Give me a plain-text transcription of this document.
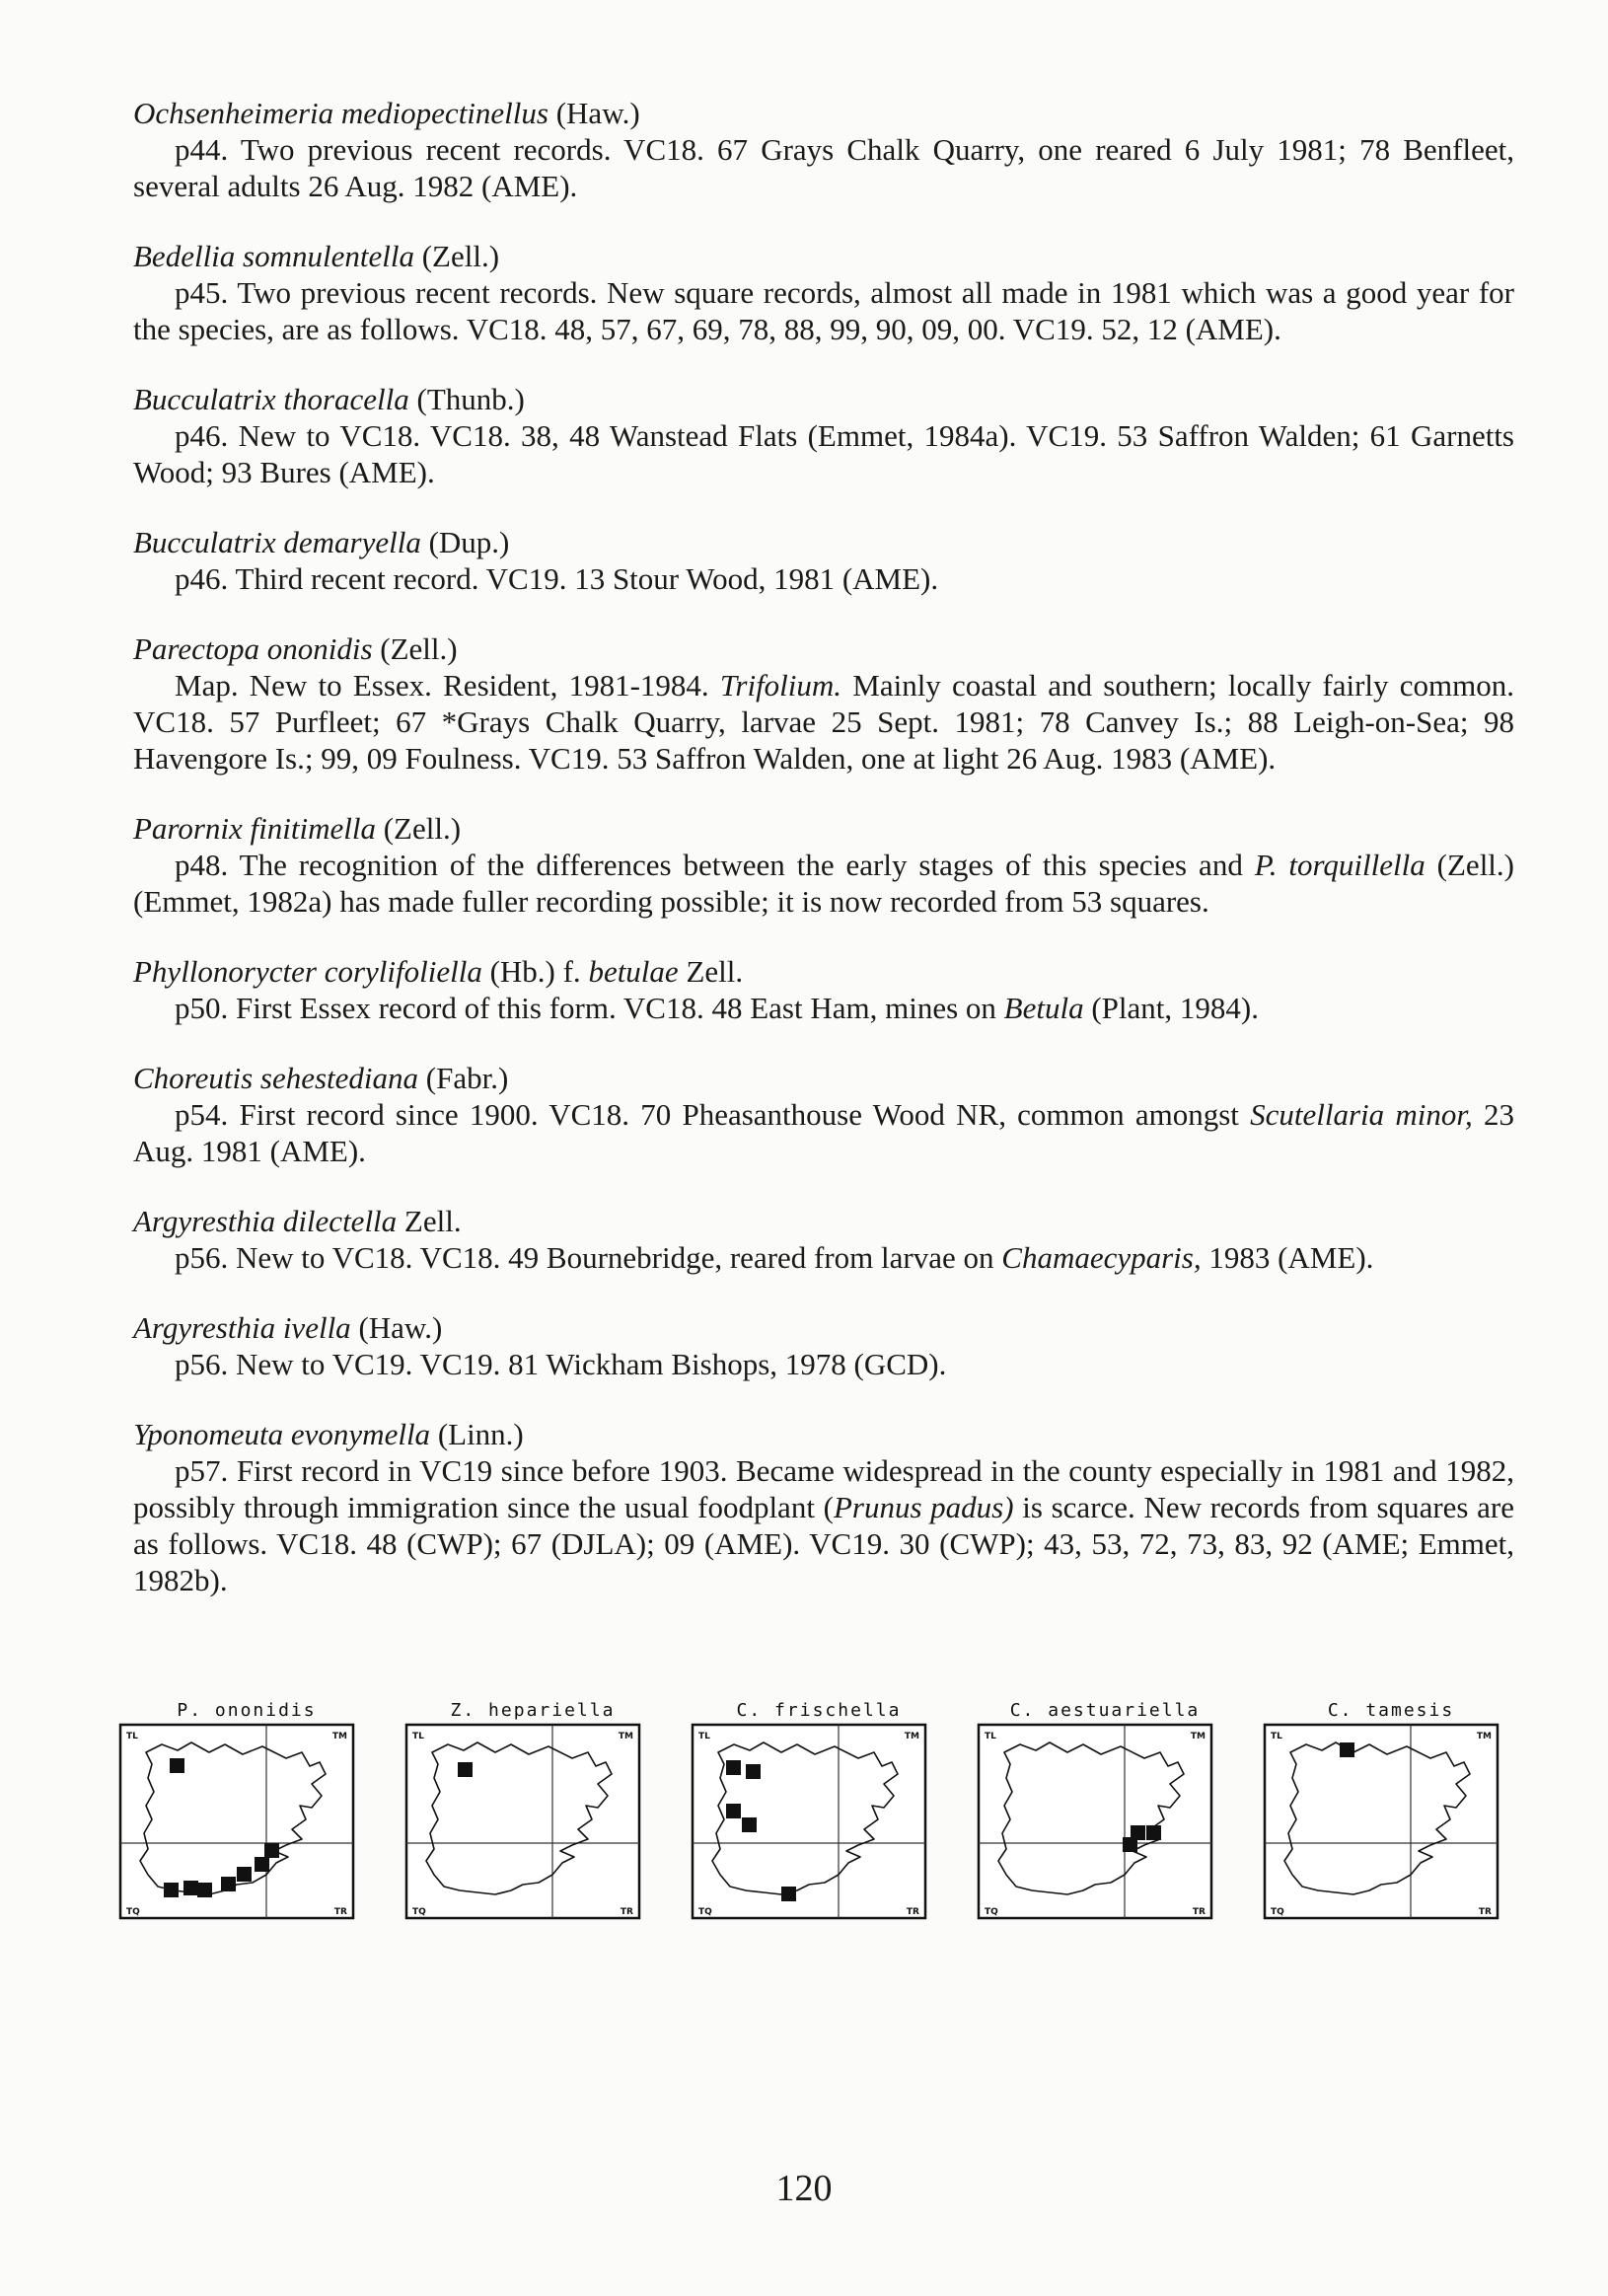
Ochsenheimeria mediopectinellus (Haw.)
p44. Two previous recent records. VC18. 67 Grays Chalk Quarry, one reared 6 July 1981; 78 Benfleet, several adults 26 Aug. 1982 (AME).
Bedellia somnulentella (Zell.)
p45. Two previous recent records. New square records, almost all made in 1981 which was a good year for the species, are as follows. VC18. 48, 57, 67, 69, 78, 88, 99, 90, 09, 00. VC19. 52, 12 (AME).
Bucculatrix thoracella (Thunb.)
p46. New to VC18. VC18. 38, 48 Wanstead Flats (Emmet, 1984a). VC19. 53 Saffron Walden; 61 Garnetts Wood; 93 Bures (AME).
Bucculatrix demaryella (Dup.)
p46. Third recent record. VC19. 13 Stour Wood, 1981 (AME).
Parectopa ononidis (Zell.)
Map. New to Essex. Resident, 1981-1984. Trifolium. Mainly coastal and southern; locally fairly common. VC18. 57 Purfleet; 67 *Grays Chalk Quarry, larvae 25 Sept. 1981; 78 Canvey Is.; 88 Leigh-on-Sea; 98 Havengore Is.; 99, 09 Foulness. VC19. 53 Saffron Walden, one at light 26 Aug. 1983 (AME).
Parornix finitimella (Zell.)
p48. The recognition of the differences between the early stages of this species and P. torquillella (Zell.) (Emmet, 1982a) has made fuller recording possible; it is now recorded from 53 squares.
Phyllonorycter corylifoliella (Hb.) f. betulae Zell.
p50. First Essex record of this form. VC18. 48 East Ham, mines on Betula (Plant, 1984).
Choreutis sehestediana (Fabr.)
p54. First record since 1900. VC18. 70 Pheasanthouse Wood NR, common amongst Scutellaria minor, 23 Aug. 1981 (AME).
Argyresthia dilectella Zell.
p56. New to VC18. VC18. 49 Bournebridge, reared from larvae on Chamaecyparis, 1983 (AME).
Argyresthia ivella (Haw.)
p56. New to VC19. VC19. 81 Wickham Bishops, 1978 (GCD).
Yponomeuta evonymella (Linn.)
p57. First record in VC19 since before 1903. Became widespread in the county especially in 1981 and 1982, possibly through immigration since the usual foodplant (Prunus padus) is scarce. New records from squares are as follows. VC18. 48 (CWP); 67 (DJLA); 09 (AME). VC19. 30 (CWP); 43, 53, 72, 73, 83, 92 (AME; Emmet, 1982b).
P. ononidis
TL	TM
TQ	TR
Z. hepariella
TL	TM
TQ	TR
C. frischella
TL	TM
TQ	TR
C. aestuariella
TL	TM
TQ	TR
C. tamesis
TL	TM
TQ	TR
120
